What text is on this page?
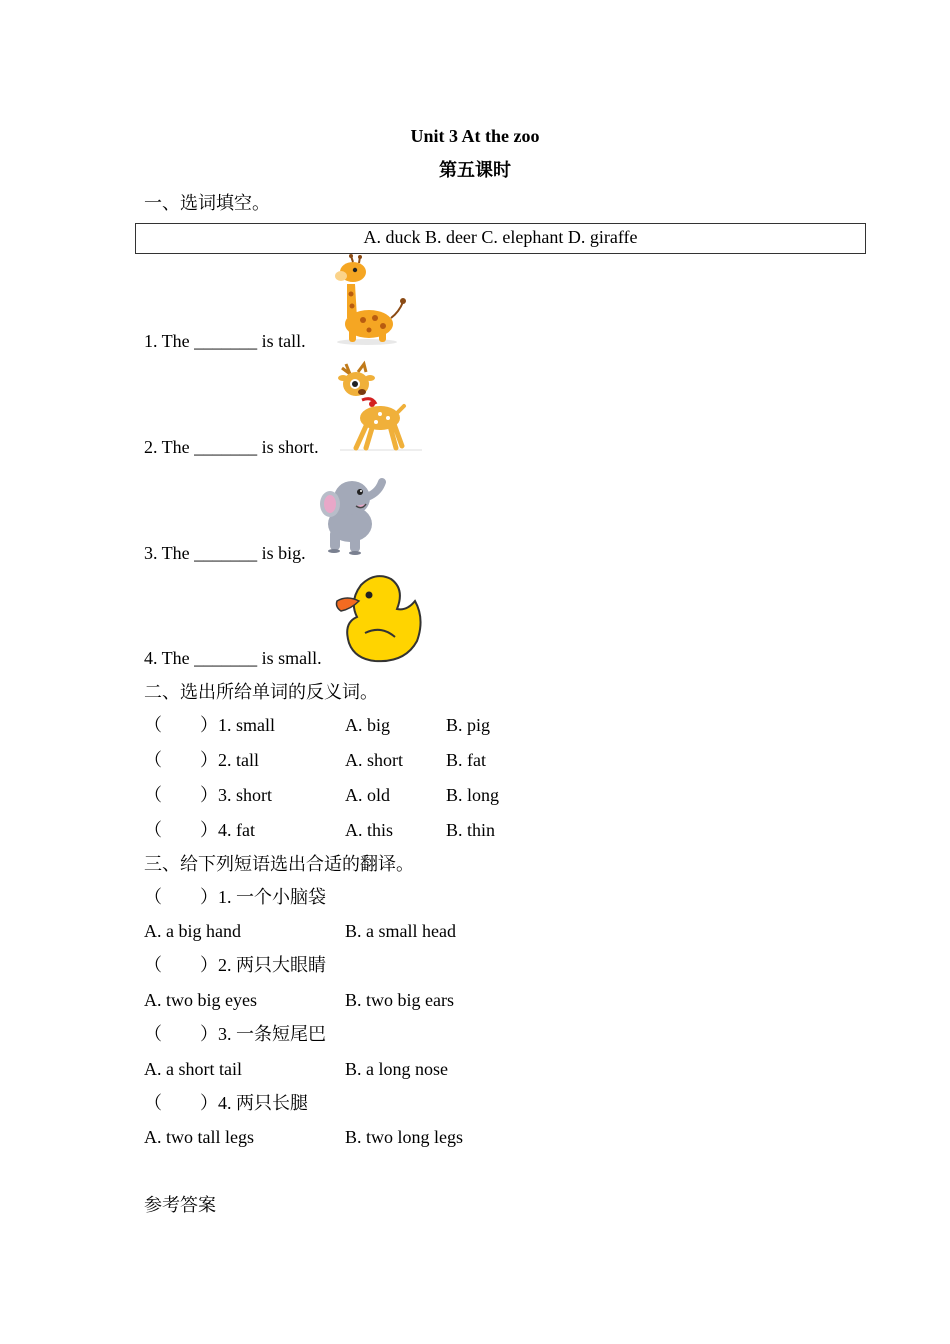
Unit 3 At the zoo
第五课时
一、选词填空。
A. duck B. deer C. elephant D. giraffe
1. The _______ is tall.
2. The _______ is short.
3. The _______ is big.
4. The _______ is small.
二、选出所给单词的反义词。
（ ）1. small	A. big	B. pig
（ ）2. tall	A. short B. fat
（ ）3. short	A. old	B. long
（ ）4. fat	A. this	B. thin
三、给下列短语选出合适的翻译。
（ ）1. 一个小脑袋
A. a big hand	B. a small head
（ ）2. 两只大眼睛
A. two big eyes	B. two big ears
（ ）3. 一条短尾巴
A. a short tail	B. a long nose
（ ）4. 两只长腿
A. two tall legs	B. two long legs
参考答案
